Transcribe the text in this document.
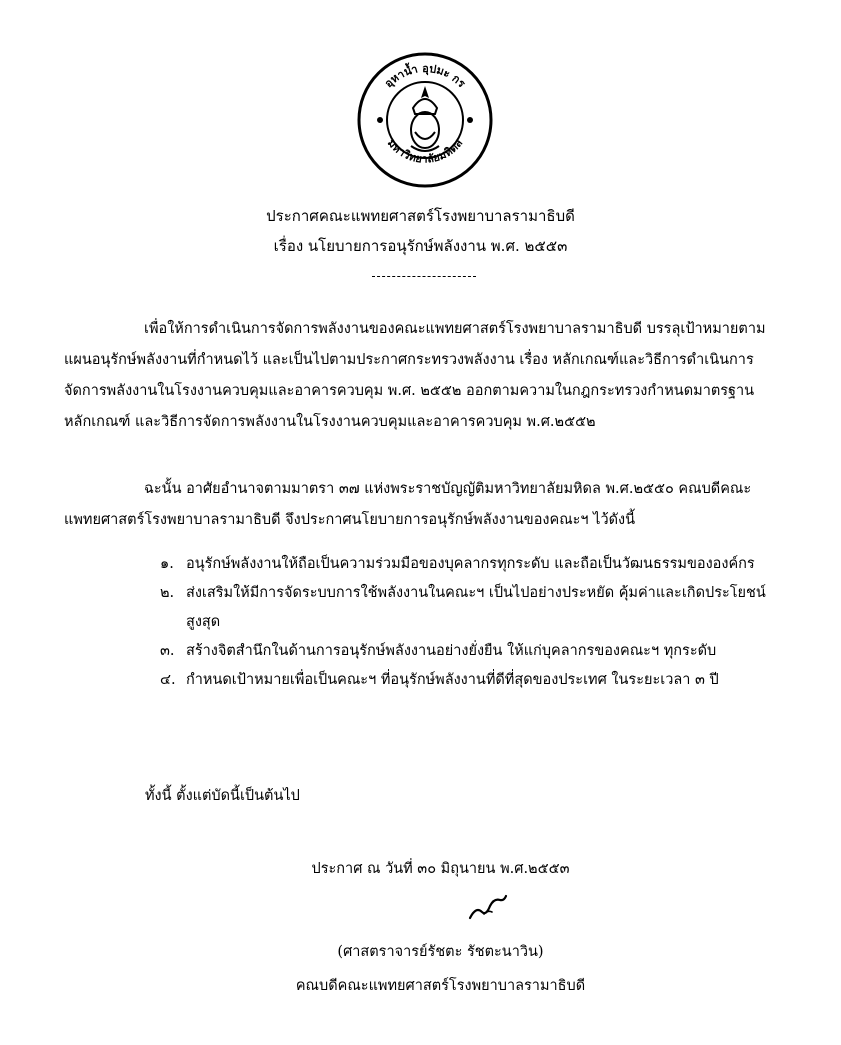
อุหาน้ำ อุปมะ กร
มหาวิทยาลัยมหิดล
ประกาศคณะแพทยศาสตร์โรงพยาบาลรามาธิบดี
เรื่อง นโยบายการอนุรักษ์พลังงาน พ.ศ. ๒๕๕๓
เพื่อให้การดำเนินการจัดการพลังงานของคณะแพทยศาสตร์โรงพยาบาลรามาธิบดี บรรลุเป้าหมายตามแผนอนุรักษ์พลังงานที่กำหนดไว้ และเป็นไปตามประกาศกระทรวงพลังงาน เรื่อง หลักเกณฑ์และวิธีการดำเนินการจัดการพลังงานในโรงงานควบคุมและอาคารควบคุม พ.ศ. ๒๕๕๒ ออกตามความในกฎกระทรวงกำหนดมาตรฐาน หลักเกณฑ์ และวิธีการจัดการพลังงานในโรงงานควบคุมและอาคารควบคุม พ.ศ.๒๕๕๒
ฉะนั้น อาศัยอำนาจตามมาตรา ๓๗ แห่งพระราชบัญญัติมหาวิทยาลัยมหิดล พ.ศ.๒๕๕๐ คณบดีคณะแพทยศาสตร์โรงพยาบาลรามาธิบดี จึงประกาศนโยบายการอนุรักษ์พลังงานของคณะฯ ไว้ดังนี้
๑. อนุรักษ์พลังงานให้ถือเป็นความร่วมมือของบุคลากรทุกระดับ และถือเป็นวัฒนธรรมขององค์กร
๒. ส่งเสริมให้มีการจัดระบบการใช้พลังงานในคณะฯ เป็นไปอย่างประหยัด คุ้มค่าและเกิดประโยชน์สูงสุด
๓. สร้างจิตสำนึกในด้านการอนุรักษ์พลังงานอย่างยั่งยืน ให้แก่บุคลากรของคณะฯ ทุกระดับ
๔. กำหนดเป้าหมายเพื่อเป็นคณะฯ ที่อนุรักษ์พลังงานที่ดีที่สุดของประเทศ ในระยะเวลา ๓ ปี
ทั้งนี้ ตั้งแต่บัดนี้เป็นต้นไป
ประกาศ ณ วันที่ ๓๐ มิถุนายน พ.ศ.๒๕๕๓
(ศาสตราจารย์รัชตะ รัชตะนาวิน)
คณบดีคณะแพทยศาสตร์โรงพยาบาลรามาธิบดี
